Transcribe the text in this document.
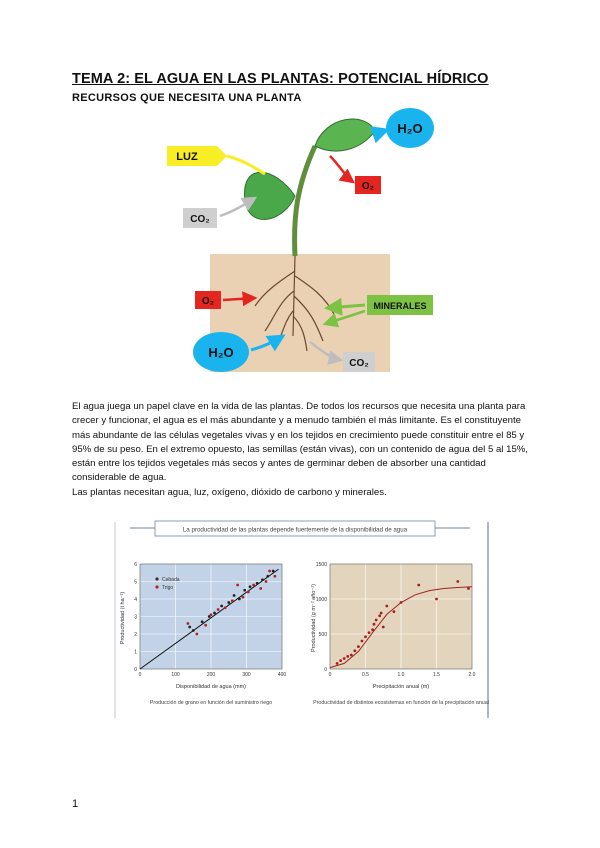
TEMA 2: EL AGUA EN LAS PLANTAS: POTENCIAL HÍDRICO
RECURSOS QUE NECESITA UNA PLANTA
H₂O
LUZ
O₂
CO₂
O₂	MINERALES
H₂O
CO₂

El agua juega un papel clave en la vida de las plantas. De todos los recursos que necesita una planta para crecer y funcionar, el agua es el más abundante y a menudo también el más limitante. Es el constituyente más abundante de las células vegetales vivas y en los tejidos en crecimiento puede constituir entre el 85 y 95% de su peso. En el extremo opuesto, las semillas (están vivas), con un contenido de agua del 5 al 15%, están entre los tejidos vegetales más secos y antes de germinar deben de absorber una cantidad considerable de agua.

Las plantas necesitan agua, luz, oxígeno, dióxido de carbono y minerales.

La productividad de las plantas depende fuertemente de la disponibilidad de agua
0	100	200	300	400
0
1
2
3
4
5
6
Disponibilidad de agua (mm)
Productividad (t ha⁻¹)
Producción de grano en función del suministro riego
Cebada
Trigo
0	0.5	1.0	1.5	2.0
0
500
1000
1500
Precipitación anual (m)
Productividad (g m⁻² año⁻¹)
Productividad de distintos ecosistemas en función de la precipitación anual
1
